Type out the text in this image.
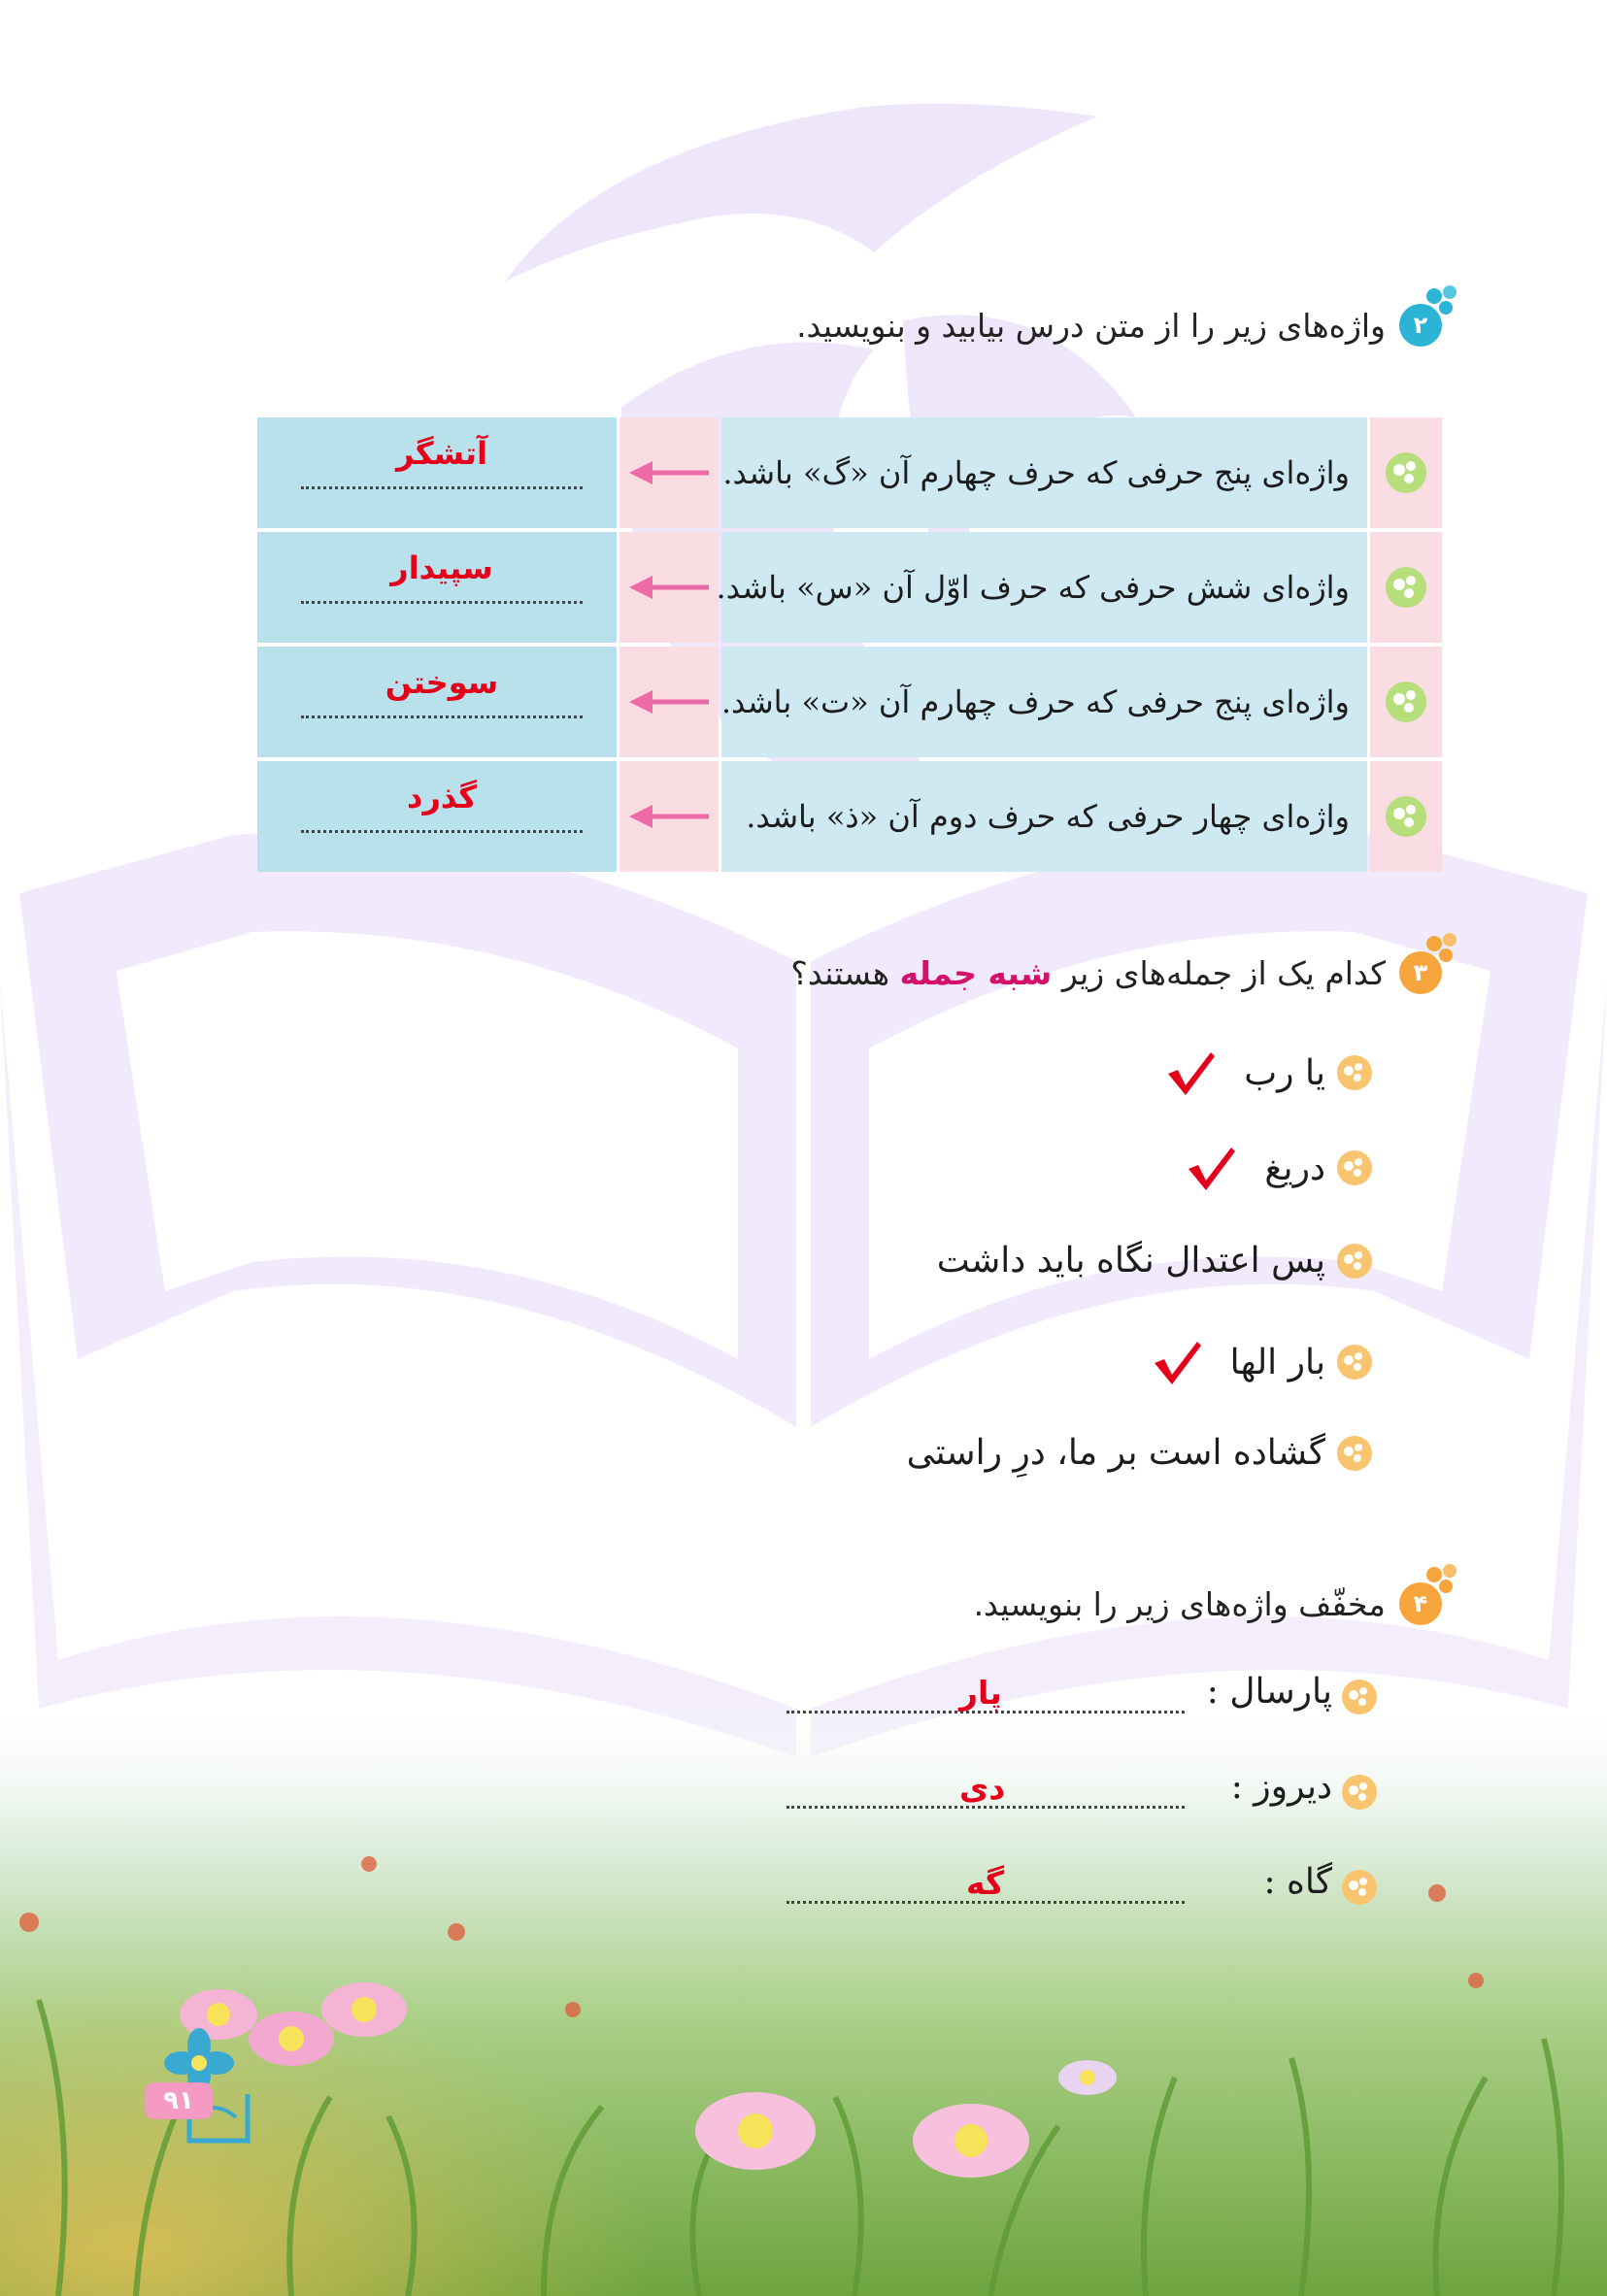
۲
واژه‌های زیر را از متن درس بیابید و بنویسید.
آتشگر
واژه‌ای پنج حرفی که حرف چهارم آن «گ» باشد.
سپیدار
واژه‌ای شش حرفی که حرف اوّل آن «س» باشد.
سوختن
واژه‌ای پنج حرفی که حرف چهارم آن «ت» باشد.
گذرد
واژه‌ای چهار حرفی که حرف دوم آن «ذ» باشد.
۳
کدام یک از جمله‌های زیر شبه جمله هستند؟
یا رب
دریغ
پس اعتدال نگاه باید داشت
بار الها
گشاده است بر ما، درِ راستی
۴
مخفّف واژه‌های زیر را بنویسید.
پارسال :
پار
دیروز :
دی
گاه :
گه
۹۱
